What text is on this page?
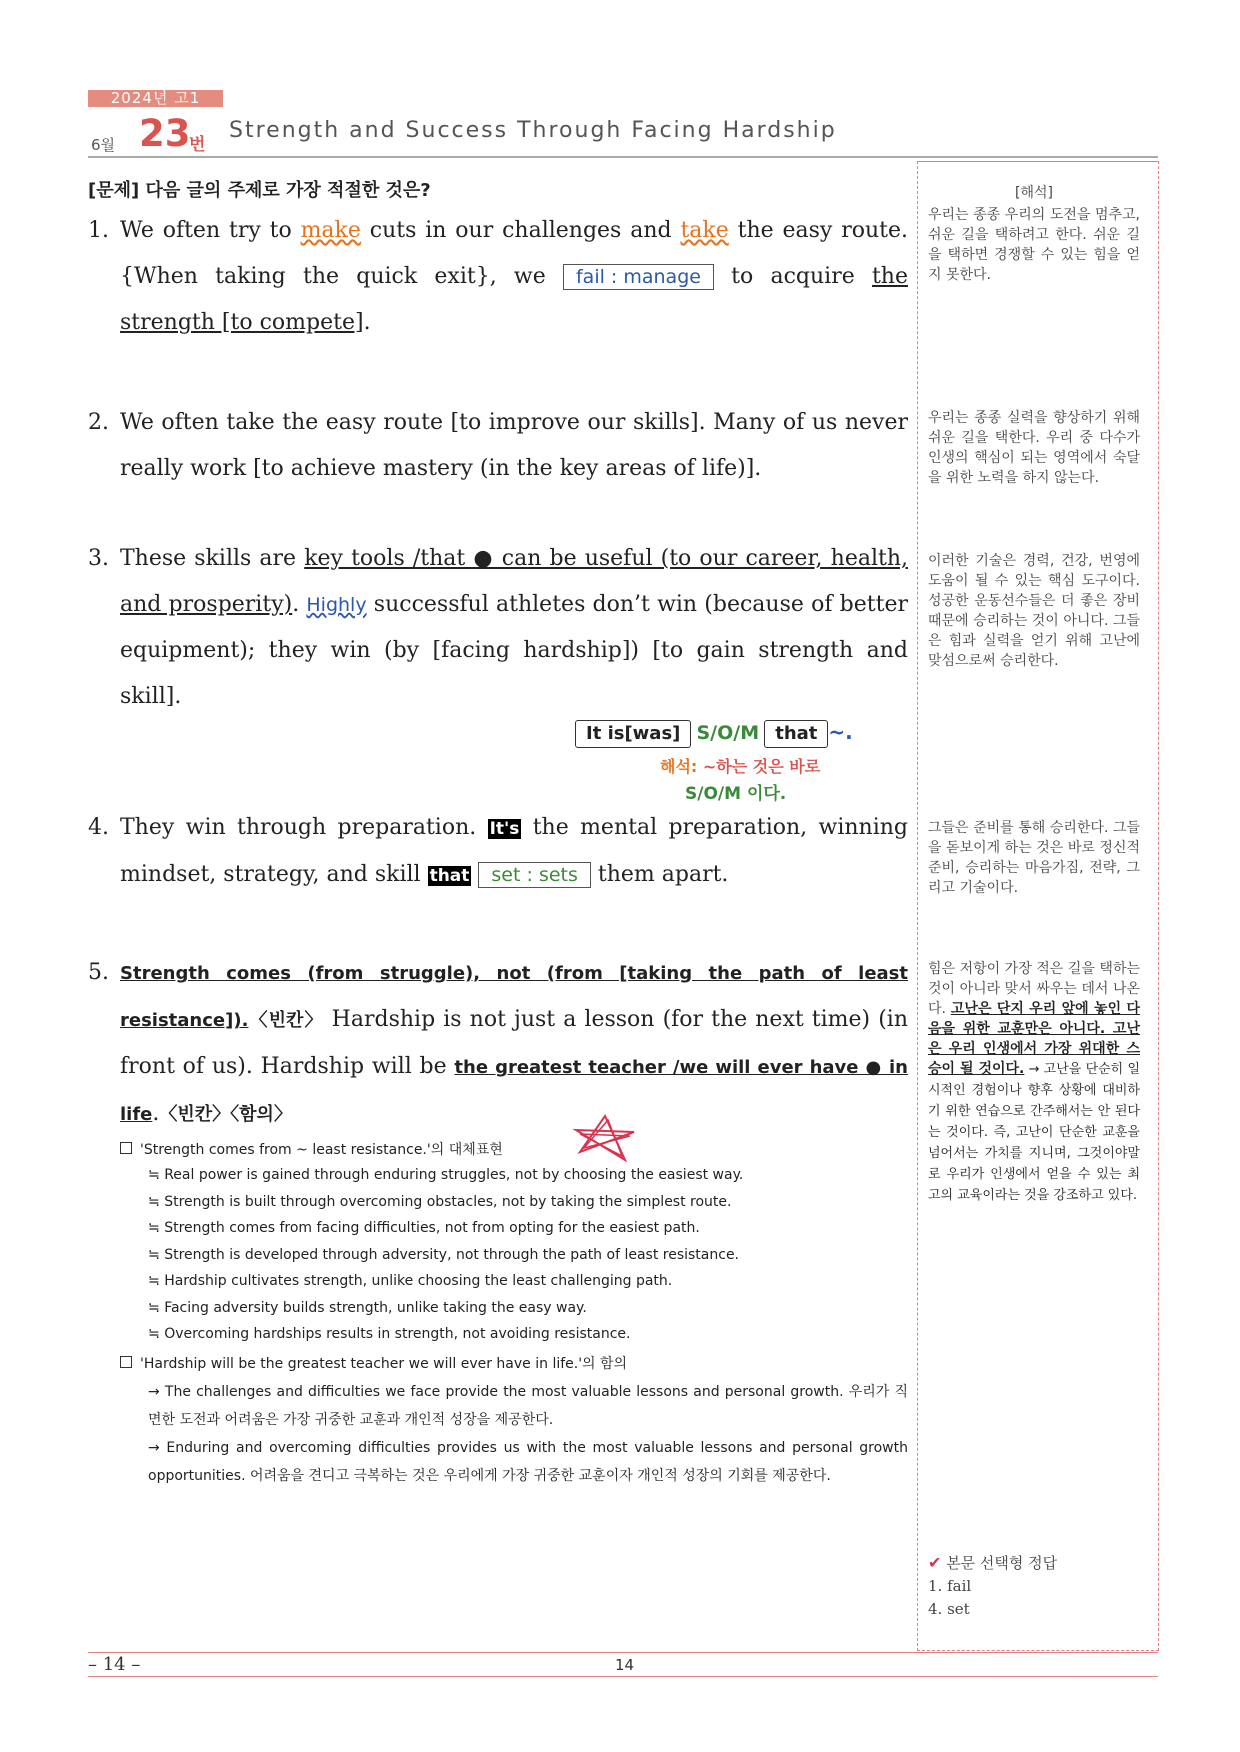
2024년 고1
6월 23
번
Strength and Success Through Facing Hardship
[문제] 다음 글의 주제로 가장 적절한 것은?
1. We often try to make cuts in our challenges and take the easy route. {When taking the quick exit}, we fail : manage to acquire the strength [to compete].
2. We often take the easy route [to improve our skills]. Many of us never really work [to achieve mastery (in the key areas of life)].
3. These skills are key tools /that ● can be useful (to our career, health, and prosperity). Highly successful athletes don’t win (because of better equipment); they win (by [facing hardship]) [to gain strength and skill].
It is[was] S/O/M that ~.
해석: ~하는 것은 바로
S/O/M 이다.
4. They win through preparation. It's the mental preparation, winning mindset, strategy, and skill that set : sets them apart.
5. Strength comes (from struggle), not (from [taking the path of least resistance]).〈빈칸〉 Hardship is not just a lesson (for the next time) (in front of us). Hardship will be the greatest teacher /we will ever have ● in life.〈빈칸〉〈함의〉
'Strength comes from ~ least resistance.'의 대체표현
≒ Real power is gained through enduring struggles, not by choosing the easiest way.
≒ Strength is built through overcoming obstacles, not by taking the simplest route.
≒ Strength comes from facing difficulties, not from opting for the easiest path.
≒ Strength is developed through adversity, not through the path of least resistance.
≒ Hardship cultivates strength, unlike choosing the least challenging path.
≒ Facing adversity builds strength, unlike taking the easy way.
≒ Overcoming hardships results in strength, not avoiding resistance.
'Hardship will be the greatest teacher we will ever have in life.'의 함의
→ The challenges and difficulties we face provide the most valuable lessons and personal growth. 우리가 직면한 도전과 어려움은 가장 귀중한 교훈과 개인적 성장을 제공한다.
→ Enduring and overcoming difficulties provides us with the most valuable lessons and personal growth opportunities. 어려움을 견디고 극복하는 것은 우리에게 가장 귀중한 교훈이자 개인적 성장의 기회를 제공한다.
[해석]
우리는 종종 우리의 도전을 멈추고, 쉬운 길을 택하려고 한다. 쉬운 길을 택하면 경쟁할 수 있는 힘을 얻지 못한다.
우리는 종종 실력을 향상하기 위해 쉬운 길을 택한다. 우리 중 다수가 인생의 핵심이 되는 영역에서 숙달을 위한 노력을 하지 않는다.
이러한 기술은 경력, 건강, 번영에 도움이 될 수 있는 핵심 도구이다. 성공한 운동선수들은 더 좋은 장비 때문에 승리하는 것이 아니다. 그들은 힘과 실력을 얻기 위해 고난에 맞섬으로써 승리한다.
그들은 준비를 통해 승리한다. 그들을 돋보이게 하는 것은 바로 정신적 준비, 승리하는 마음가짐, 전략, 그리고 기술이다.
힘은 저항이 가장 적은 길을 택하는 것이 아니라 맞서 싸우는 데서 나온다. 고난은 단지 우리 앞에 놓인 다음을 위한 교훈만은 아니다. 고난은 우리 인생에서 가장 위대한 스승이 될 것이다. → 고난을 단순히 일시적인 경험이나 향후 상황에 대비하기 위한 연습으로 간주해서는 안 된다는 것이다. 즉, 고난이 단순한 교훈을 넘어서는 가치를 지니며, 그것이야말로 우리가 인생에서 얻을 수 있는 최고의 교육이라는 것을 강조하고 있다.
✔ 본문 선택형 정답
1. fail
4. set
– 14 –	14
